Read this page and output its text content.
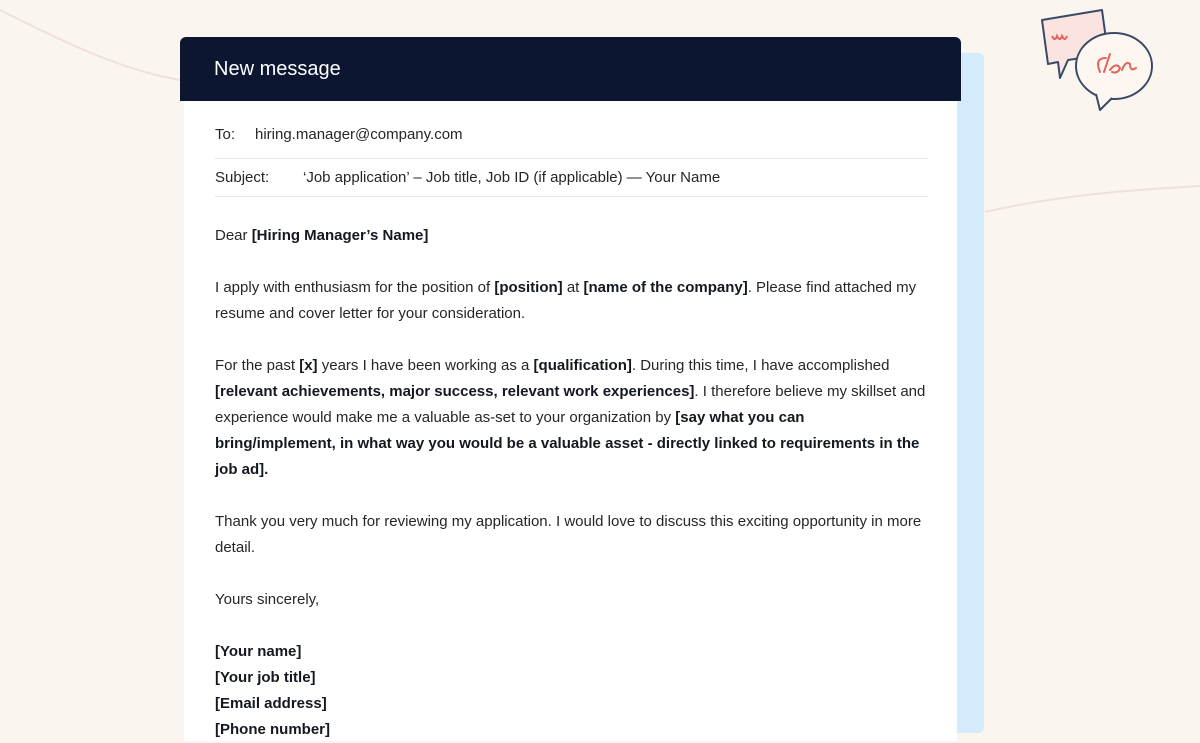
New message
To:	hiring.manager@company.com
Subject:	‘Job application’ – Job title, Job ID (if applicable) — Your Name

Dear [Hiring Manager’s Name]

I apply with enthusiasm for the position of [position] at [name of the company]. Please find attached my resume and cover letter for your consideration.

For the past [x] years I have been working as a [qualification]. During this time, I have accomplished [relevant achievements, major success, relevant work experiences]. I therefore believe my skillset and experience would make me a valuable as-set to your organization by [say what you can bring/implement, in what way you would be a valuable asset - directly linked to requirements in the job ad].

Thank you very much for reviewing my application. I would love to discuss this exciting opportunity in more detail.

Yours sincerely,

[Your name]
[Your job title]
[Email address]
[Phone number]
